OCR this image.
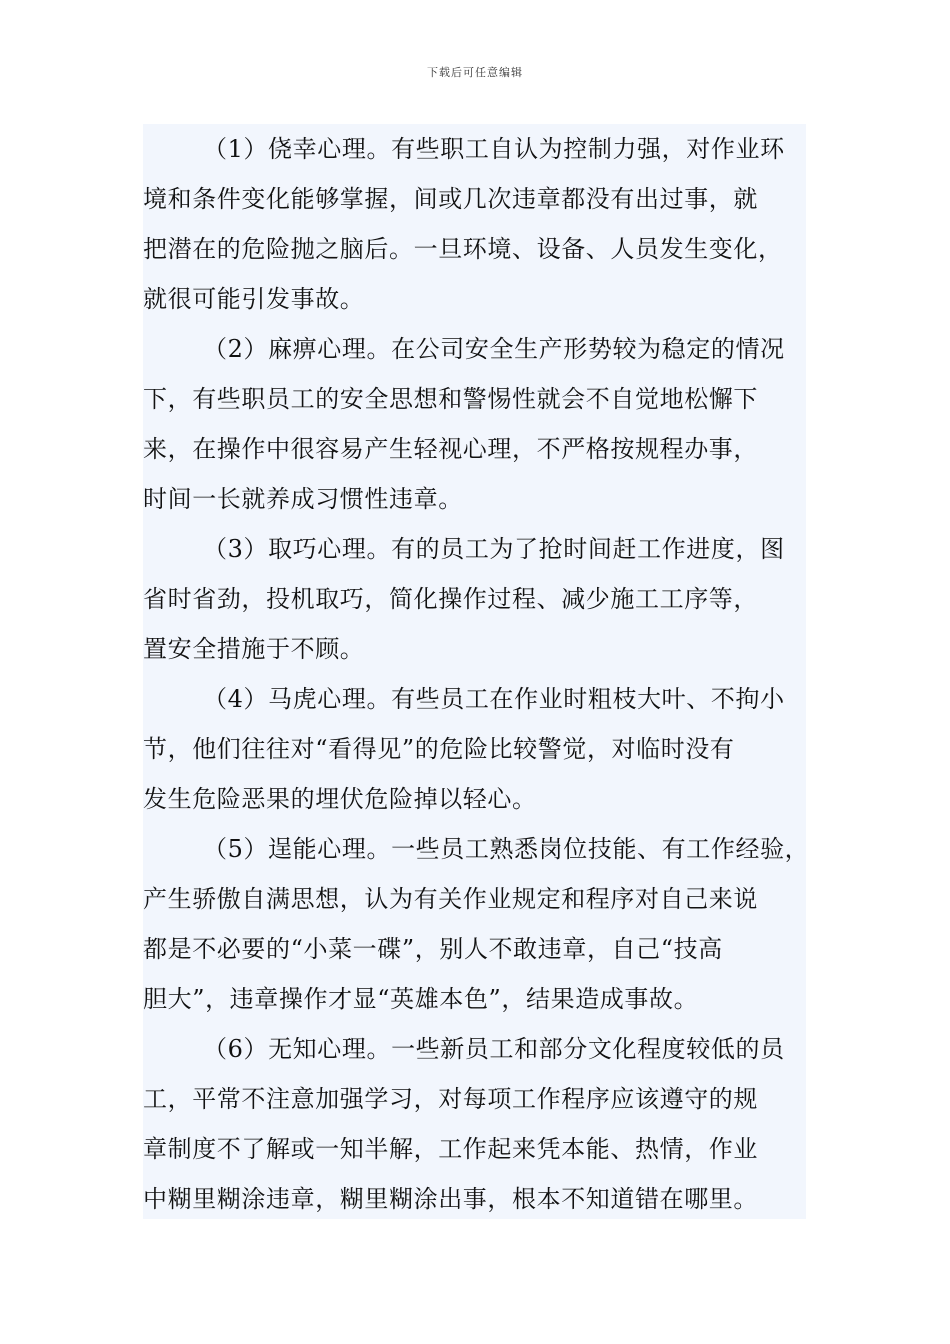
下载后可任意编辑
（1）侥幸心理。有些职工自认为控制力强，对作业环
境和条件变化能够掌握，间或几次违章都没有出过事，就
把潜在的危险抛之脑后。一旦环境、设备、人员发生变化，
就很可能引发事故。
（2）麻痹心理。在公司安全生产形势较为稳定的情况
下，有些职员工的安全思想和警惕性就会不自觉地松懈下
来，在操作中很容易产生轻视心理，不严格按规程办事，
时间一长就养成习惯性违章。
（3）取巧心理。有的员工为了抢时间赶工作进度，图
省时省劲，投机取巧，简化操作过程、减少施工工序等，
置安全措施于不顾。
（4）马虎心理。有些员工在作业时粗枝大叶、不拘小
节，他们往往对“看得见”的危险比较警觉，对临时没有
发生危险恶果的埋伏危险掉以轻心。
（5）逞能心理。一些员工熟悉岗位技能、有工作经验，
产生骄傲自满思想，认为有关作业规定和程序对自己来说
都是不必要的“小菜一碟”，别人不敢违章，自己“技高
胆大”，违章操作才显“英雄本色”，结果造成事故。
（6）无知心理。一些新员工和部分文化程度较低的员
工，平常不注意加强学习，对每项工作程序应该遵守的规
章制度不了解或一知半解，工作起来凭本能、热情，作业
中糊里糊涂违章，糊里糊涂出事，根本不知道错在哪里。
